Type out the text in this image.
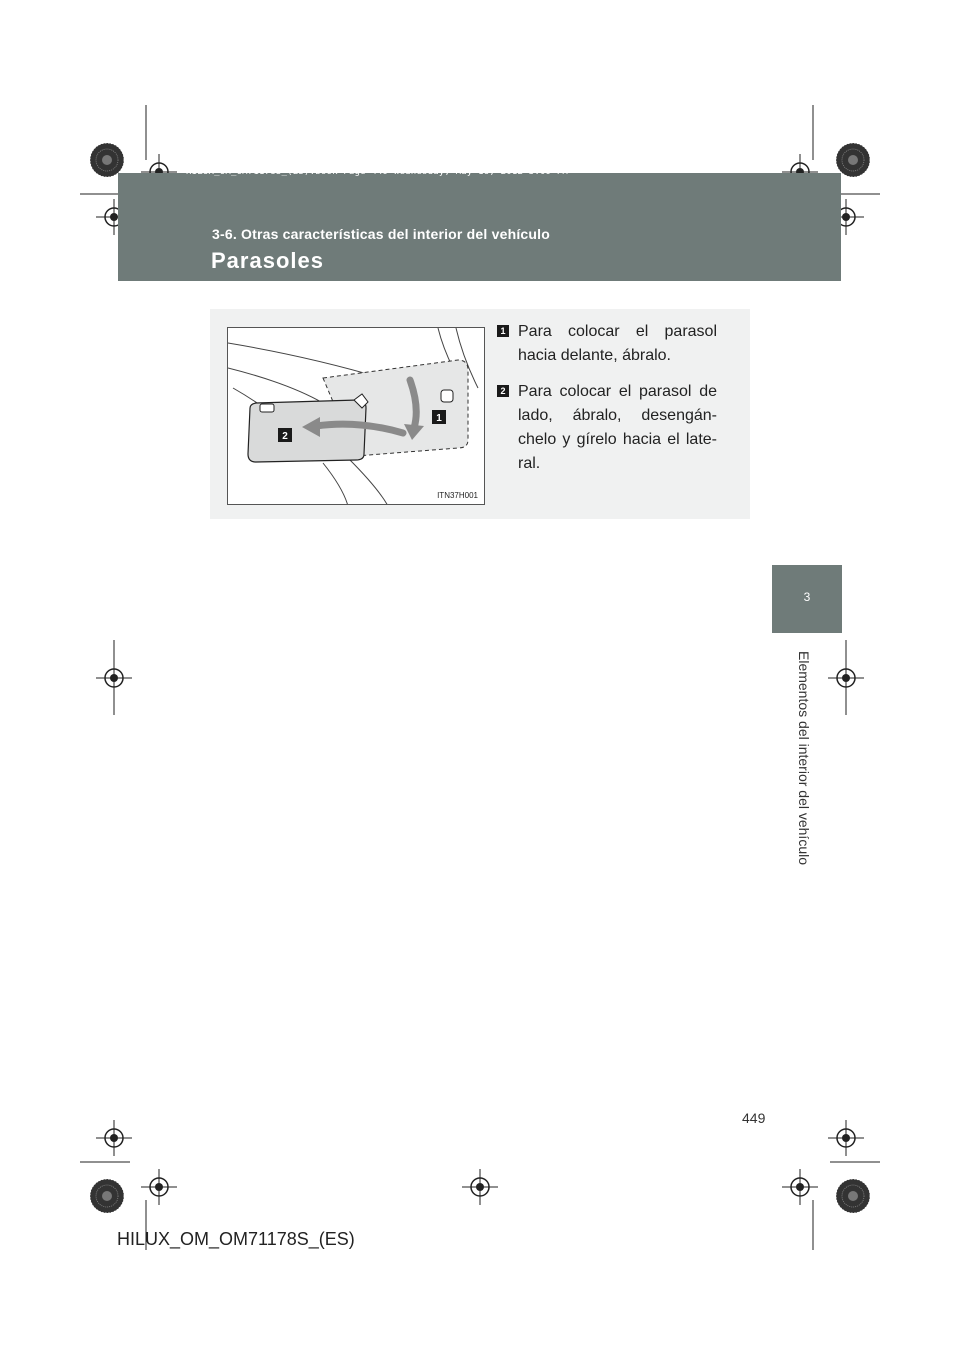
HILUX_OM_OM71178S_(ES).book Page 449 Wednesday, May 16, 2012 3:09 PM
3-6. Otras características del interior del vehículo
Parasoles
3
Elementos del interior del vehículo
1
2
ITN37H001
1 Para colocar el parasol hacia delante, ábralo.
2 Para colocar el parasol de lado, ábralo, desengán-chelo y gírelo hacia el late-ral.
449
HILUX_OM_OM71178S_(ES)
